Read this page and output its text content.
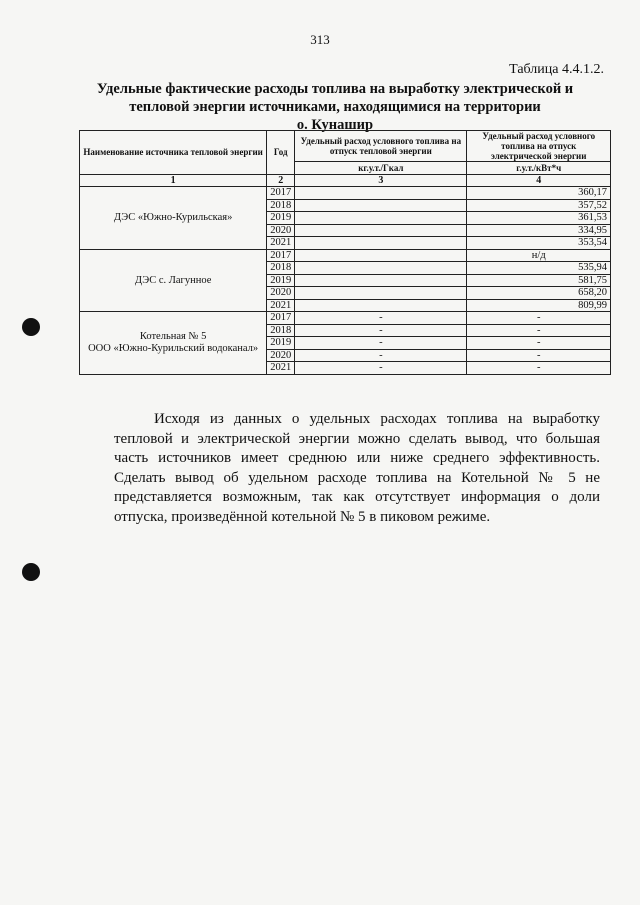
313
Таблица 4.4.1.2.
Удельные фактические расходы топлива на выработку электрической и
тепловой энергии источниками, находящимися на территории
о. Кунашир
Наименование источника тепловой энергии	Год	Удельный расход условного топлива на отпуск тепловой энергии	Удельный расход условного топлива на отпуск электрической энергии
		кг.у.т./Гкал	г.у.т./кВт*ч
1	2	3	4
ДЭС «Южно-Курильская»	2017		360,17
	2018		357,52
	2019		361,53
	2020		334,95
	2021		353,54
ДЭС с. Лагунное	2017		н/д
	2018		535,94
	2019		581,75
	2020		658,20
	2021		809,99

Котельная № 5
ООО «Южно-Курильский водоканал»	2017	-	-
	2018	-	-
	2019	-	-
	2020	-	-
	2021	-	-

Исходя из данных о удельных расходах топлива на выработку тепловой и электрической энергии можно сделать вывод, что большая часть источников имеет среднюю или ниже среднего эффективность. Сделать вывод об удельном расходе топлива на Котельной № 5 не представляется возможным, так как отсутствует информация о доли отпуска, произведённой котельной № 5 в пиковом режиме.
